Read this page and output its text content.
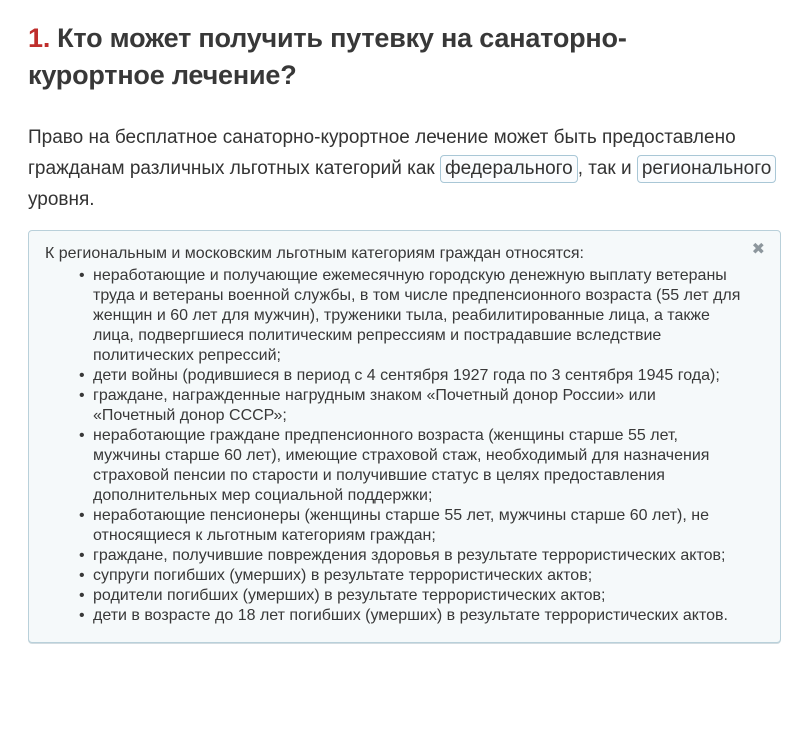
1. Кто может получить путевку на санаторно-курортное лечение?

Право на бесплатное санаторно-курортное лечение может быть предоставлено гражданам различных льготных категорий как федерального , так и регионального уровня.

✖
К региональным и московским льготным категориям граждан относятся:
• неработающие и получающие ежемесячную городскую денежную выплату ветераны труда и ветераны военной службы, в том числе предпенсионного возраста (55 лет для женщин и 60 лет для мужчин), труженики тыла, реабилитированные лица, а также лица, подвергшиеся политическим репрессиям и пострадавшие вследствие политических репрессий;
• дети войны (родившиеся в период с 4 сентября 1927 года по 3 сентября 1945 года);
• граждане, награжденные нагрудным знаком «Почетный донор России» или «Почетный донор СССР»;
• неработающие граждане предпенсионного возраста (женщины старше 55 лет, мужчины старше 60 лет), имеющие страховой стаж, необходимый для назначения страховой пенсии по старости и получившие статус в целях предоставления дополнительных мер социальной поддержки;
• неработающие пенсионеры (женщины старше 55 лет, мужчины старше 60 лет), не относящиеся к льготным категориям граждан;
• граждане, получившие повреждения здоровья в результате террористических актов;
• супруги погибших (умерших) в результате террористических актов;
• родители погибших (умерших) в результате террористических актов;
• дети в возрасте до 18 лет погибших (умерших) в результате террористических актов.
